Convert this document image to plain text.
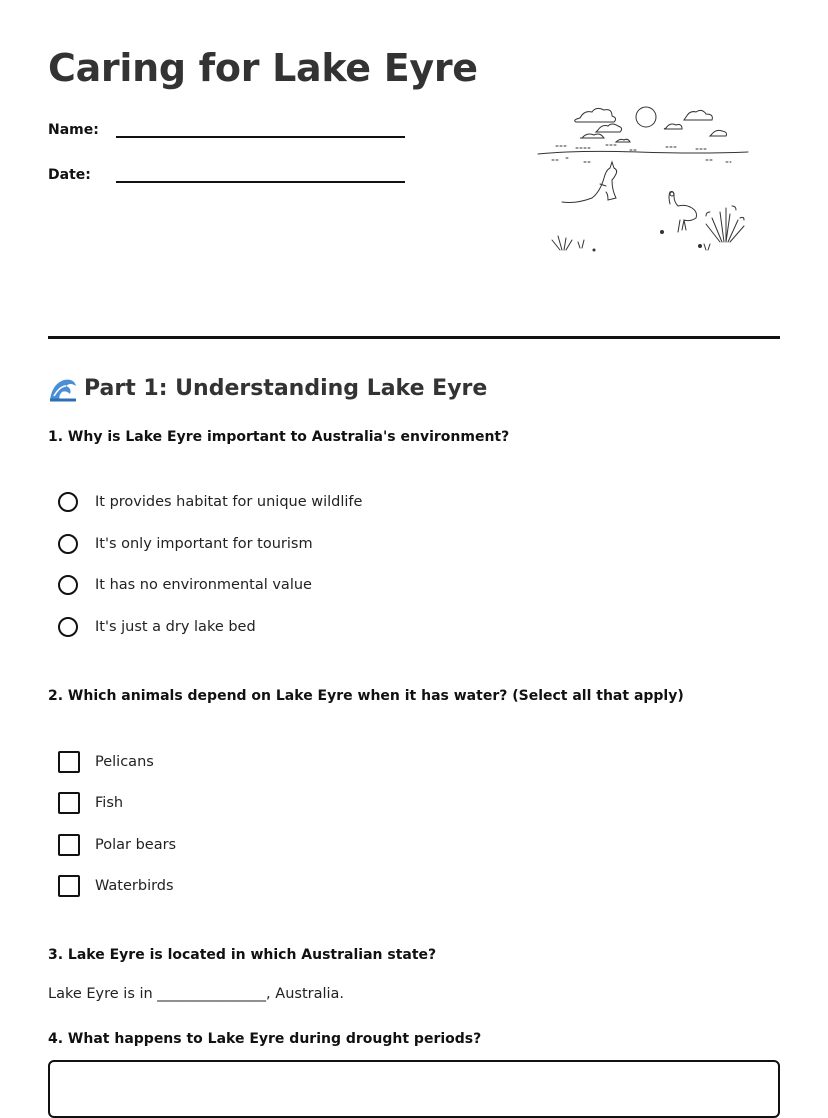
Caring for Lake Eyre
Name:
Date:
Part 1: Understanding Lake Eyre

1. Why is Lake Eyre important to Australia's environment?

It provides habitat for unique wildlife
It's only important for tourism
It has no environmental value
It's just a dry lake bed

2. Which animals depend on Lake Eyre when it has water? (Select all that apply)

Pelicans
Fish
Polar bears
Waterbirds

3. Lake Eyre is located in which Australian state?

Lake Eyre is in _______________, Australia.

4. What happens to Lake Eyre during drought periods?
